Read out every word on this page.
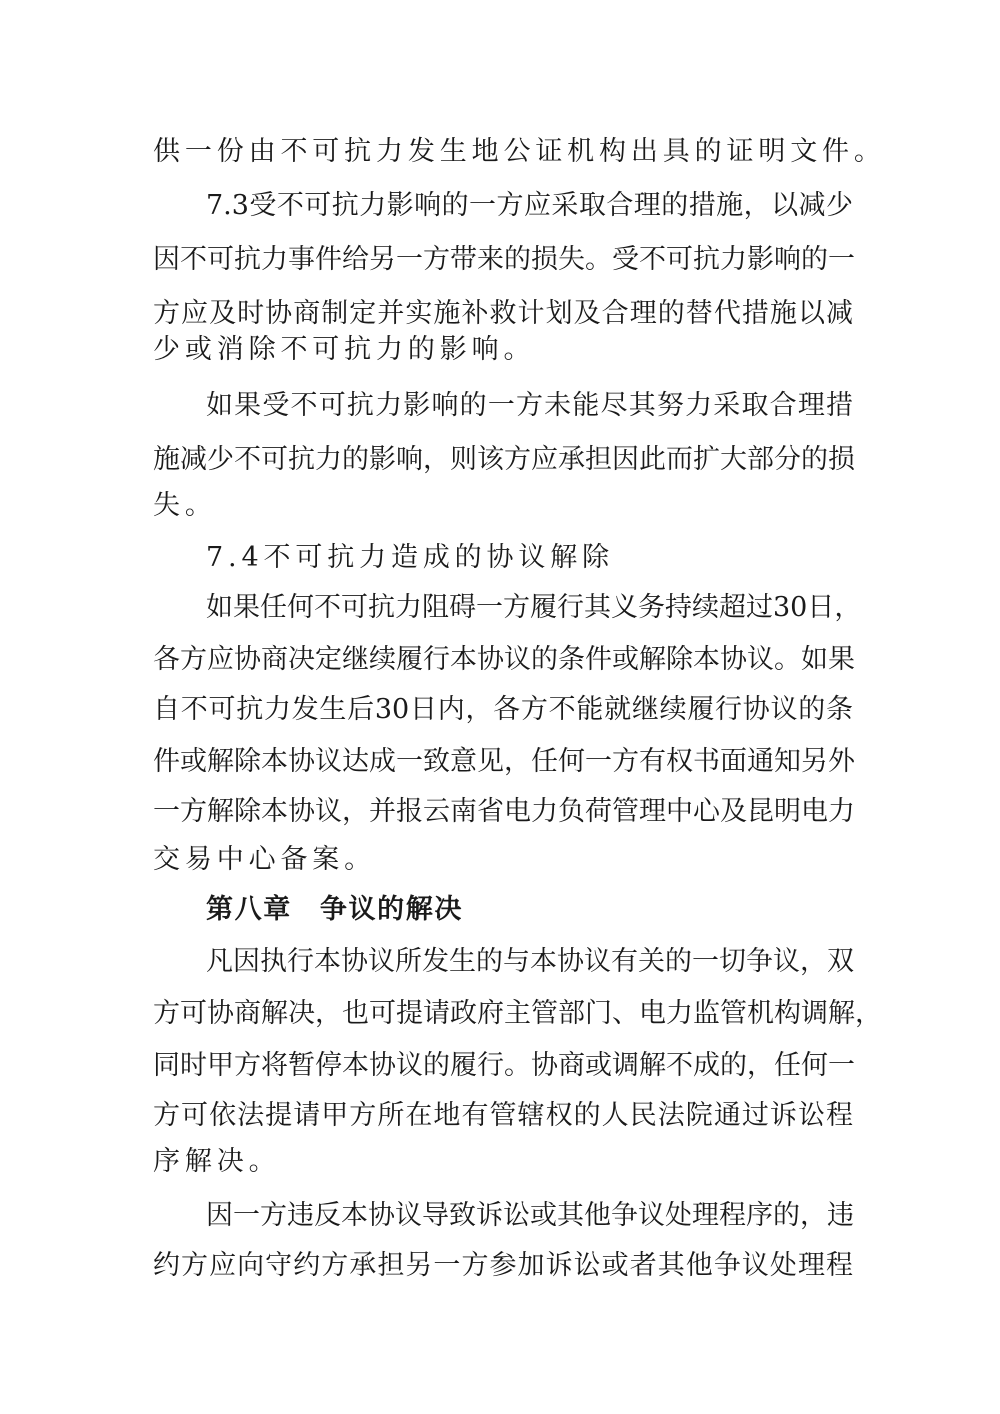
供一份由不可抗力发生地公证机构出具的证明文件。
7.3受不可抗力影响的一方应采取合理的措施，以减少
因不可抗力事件给另一方带来的损失。受不可抗力影响的一
方应及时协商制定并实施补救计划及合理的替代措施以减
少或消除不可抗力的影响。
如果受不可抗力影响的一方未能尽其努力采取合理措
施减少不可抗力的影响，则该方应承担因此而扩大部分的损
失。
7.4不可抗力造成的协议解除
如果任何不可抗力阻碍一方履行其义务持续超过30日，
各方应协商决定继续履行本协议的条件或解除本协议。如果
自不可抗力发生后30日内，各方不能就继续履行协议的条
件或解除本协议达成一致意见，任何一方有权书面通知另外
一方解除本协议，并报云南省电力负荷管理中心及昆明电力
交易中心备案。
第八章 争议的解决
凡因执行本协议所发生的与本协议有关的一切争议，双
方可协商解决，也可提请政府主管部门、电力监管机构调解，
同时甲方将暂停本协议的履行。协商或调解不成的，任何一
方可依法提请甲方所在地有管辖权的人民法院通过诉讼程
序解决。
因一方违反本协议导致诉讼或其他争议处理程序的，违
约方应向守约方承担另一方参加诉讼或者其他争议处理程
